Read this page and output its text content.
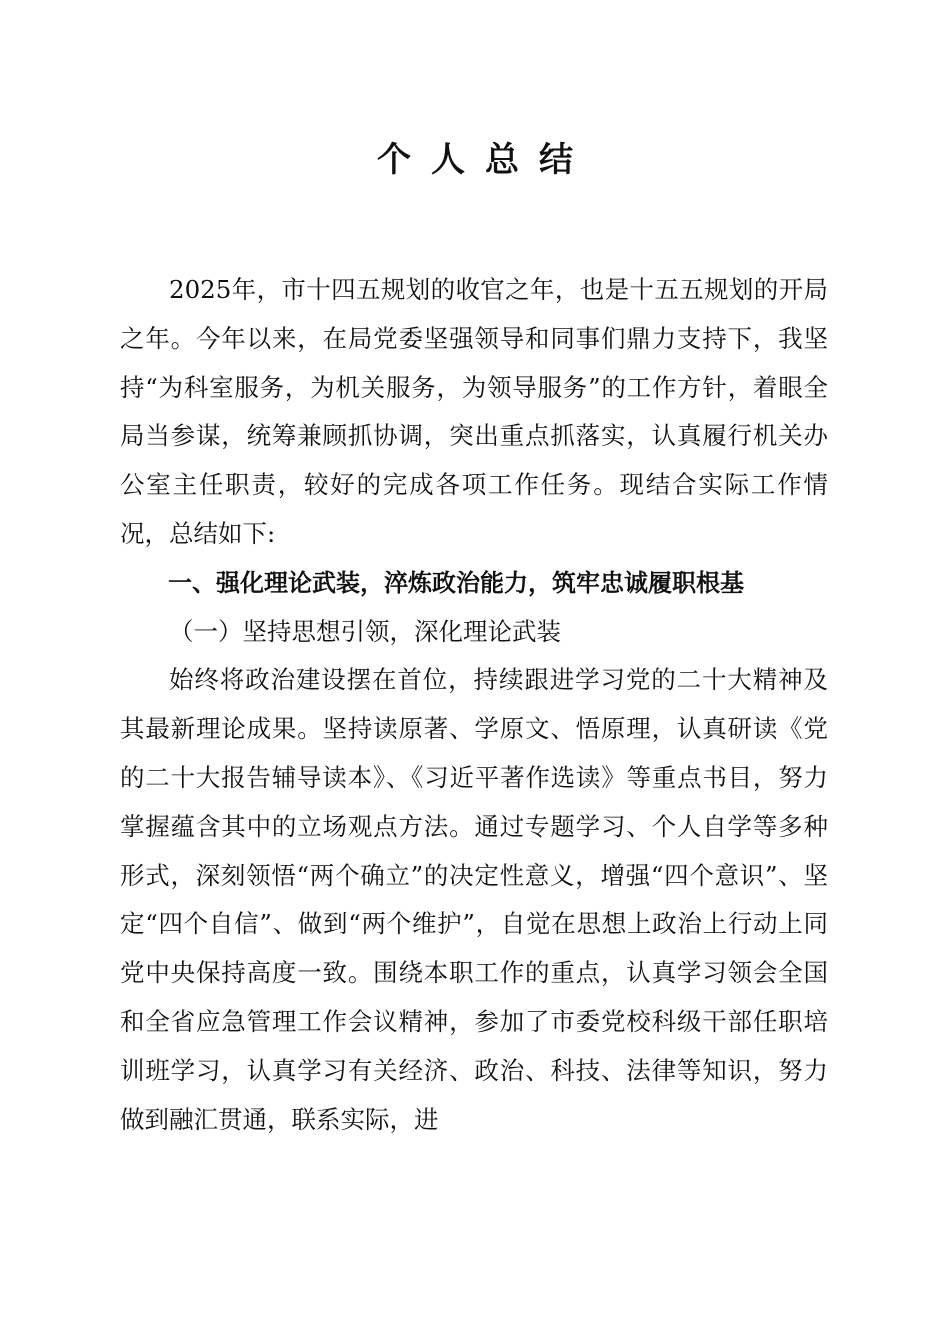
个人总结

2025年，市十四五规划的收官之年，也是十五五规划的开局之年。今年以来，在局党委坚强领导和同事们鼎力支持下，我坚持“为科室服务，为机关服务，为领导服务”的工作方针，着眼全局当参谋，统筹兼顾抓协调，突出重点抓落实，认真履行机关办公室主任职责，较好的完成各项工作任务。现结合实际工作情况，总结如下:

一、强化理论武装，淬炼政治能力，筑牢忠诚履职根基

（一）坚持思想引领，深化理论武装

始终将政治建设摆在首位，持续跟进学习党的二十大精神及其最新理论成果。坚持读原著、学原文、悟原理，认真研读《党的二十大报告辅导读本》、《习近平著作选读》等重点书目，努力掌握蕴含其中的立场观点方法。通过专题学习、个人自学等多种形式，深刻领悟“两个确立”的决定性意义，增强“四个意识”、坚定“四个自信”、做到“两个维护”，自觉在思想上政治上行动上同党中央保持高度一致。围绕本职工作的重点，认真学习领会全国和全省应急管理工作会议精神，参加了市委党校科级干部任职培训班学习，认真学习有关经济、政治、科技、法律等知识，努力做到融汇贯通，联系实际，进
